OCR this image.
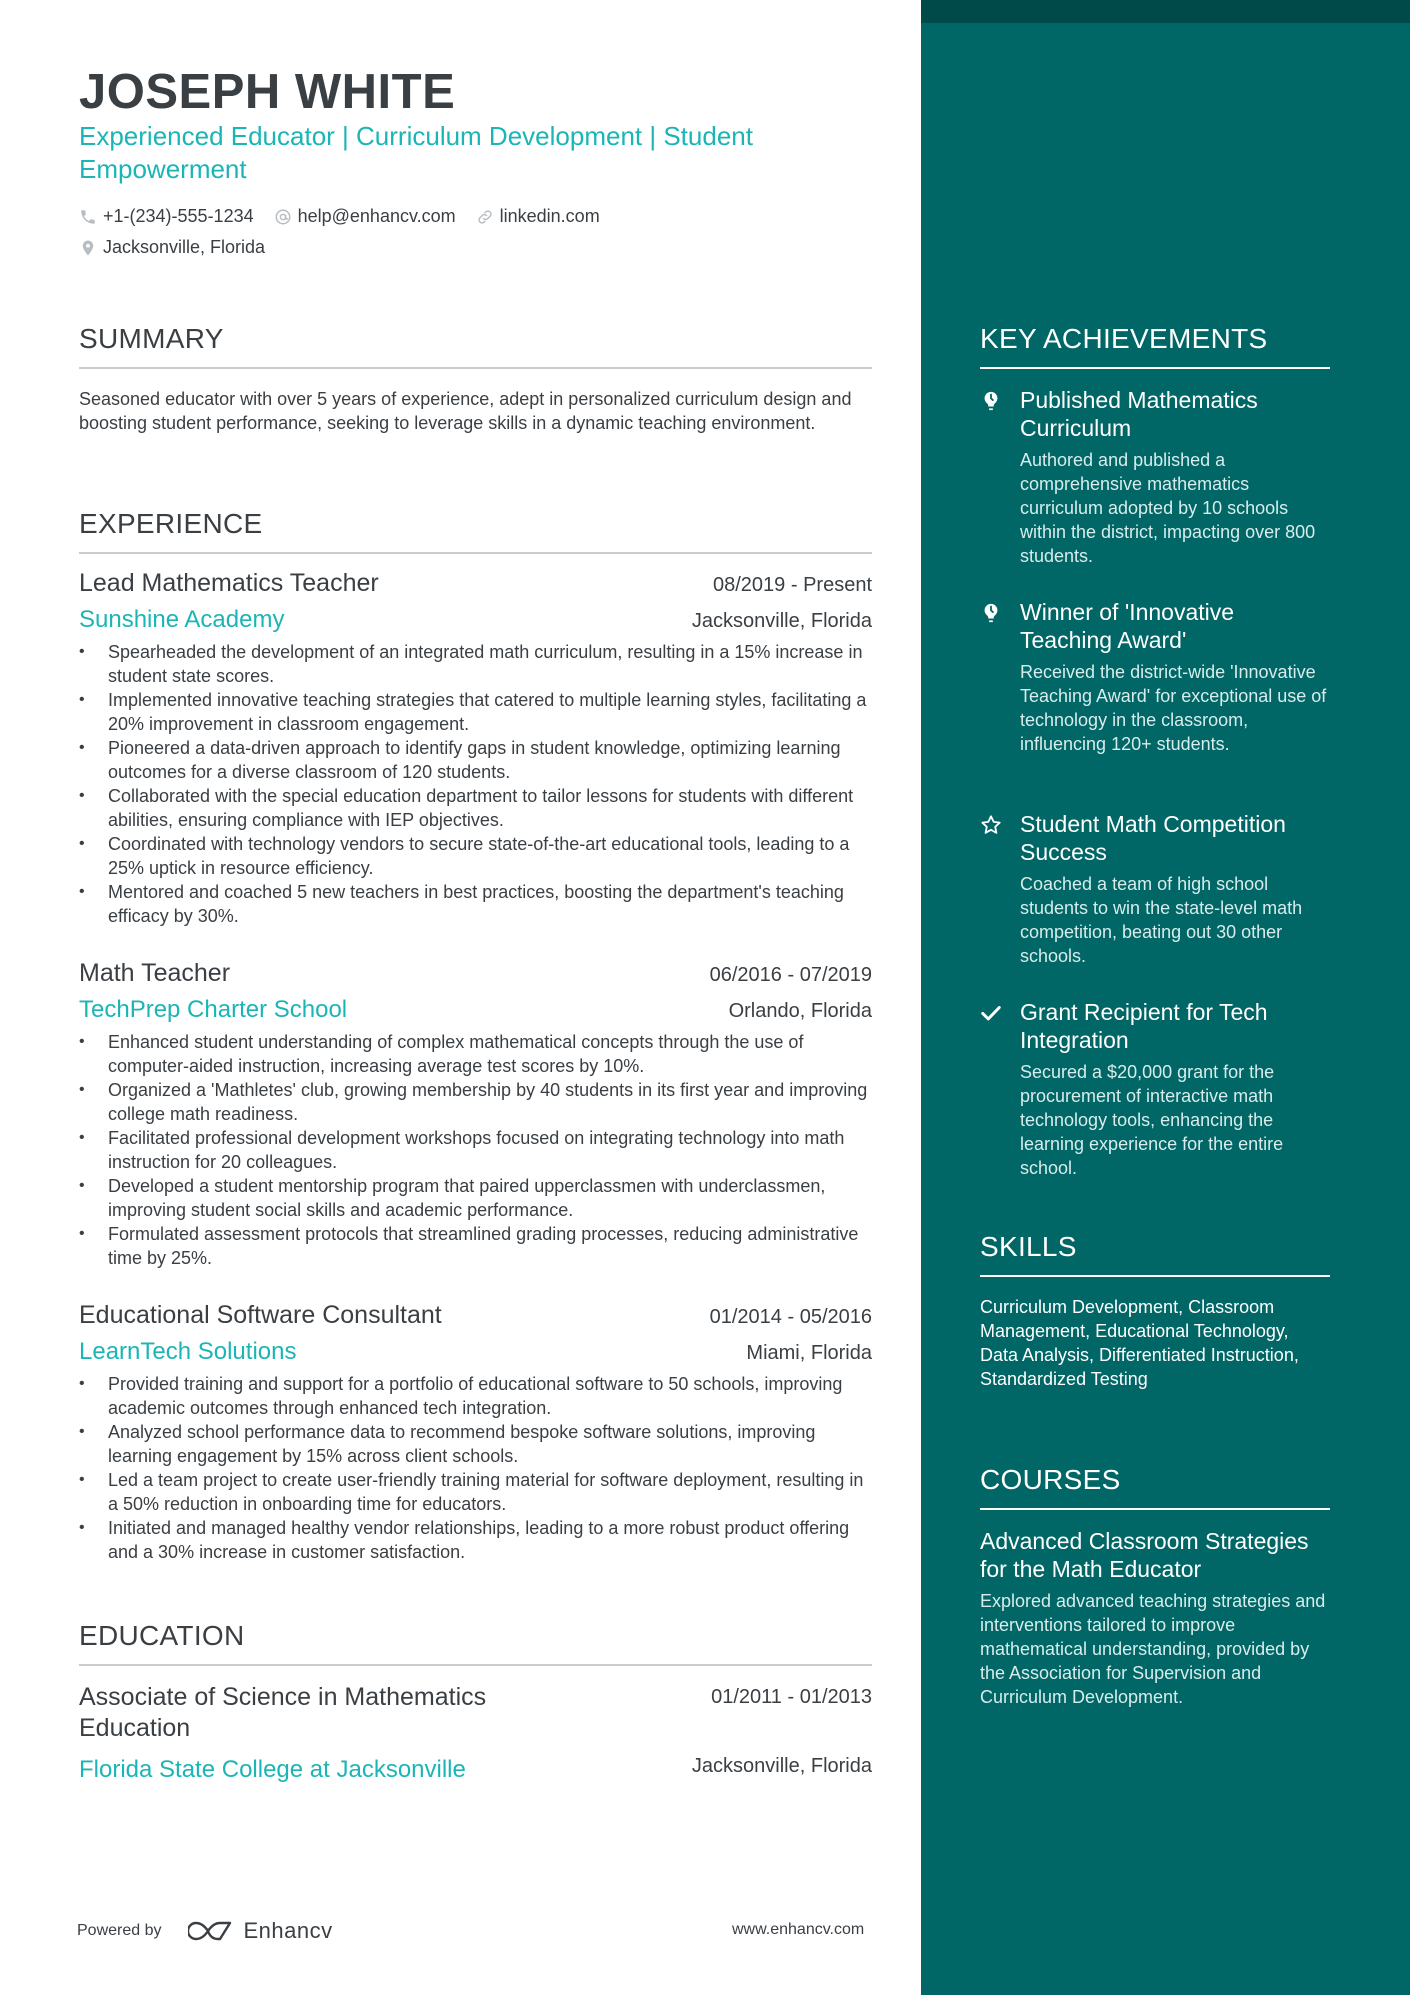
JOSEPH WHITE
Experienced Educator | Curriculum Development | Student Empowerment
+1-(234)-555-1234 help@enhancv.com linkedin.com
Jacksonville, Florida
SUMMARY
Seasoned educator with over 5 years of experience, adept in personalized curriculum design and boosting student performance, seeking to leverage skills in a dynamic teaching environment.
EXPERIENCE
Lead Mathematics Teacher	08/2019 - Present
Sunshine Academy	Jacksonville, Florida
• Spearheaded the development of an integrated math curriculum, resulting in a 15% increase in student state scores.
• Implemented innovative teaching strategies that catered to multiple learning styles, facilitating a 20% improvement in classroom engagement.
• Pioneered a data-driven approach to identify gaps in student knowledge, optimizing learning outcomes for a diverse classroom of 120 students.
• Collaborated with the special education department to tailor lessons for students with different abilities, ensuring compliance with IEP objectives.
• Coordinated with technology vendors to secure state-of-the-art educational tools, leading to a 25% uptick in resource efficiency.
• Mentored and coached 5 new teachers in best practices, boosting the department's teaching efficacy by 30%.
Math Teacher	06/2016 - 07/2019
TechPrep Charter School	Orlando, Florida
• Enhanced student understanding of complex mathematical concepts through the use of computer-aided instruction, increasing average test scores by 10%.
• Organized a 'Mathletes' club, growing membership by 40 students in its first year and improving college math readiness.
• Facilitated professional development workshops focused on integrating technology into math instruction for 20 colleagues.
• Developed a student mentorship program that paired upperclassmen with underclassmen, improving student social skills and academic performance.
• Formulated assessment protocols that streamlined grading processes, reducing administrative time by 25%.
Educational Software Consultant	01/2014 - 05/2016
LearnTech Solutions	Miami, Florida
• Provided training and support for a portfolio of educational software to 50 schools, improving academic outcomes through enhanced tech integration.
• Analyzed school performance data to recommend bespoke software solutions, improving learning engagement by 15% across client schools.
• Led a team project to create user-friendly training material for software deployment, resulting in a 50% reduction in onboarding time for educators.
• Initiated and managed healthy vendor relationships, leading to a more robust product offering and a 30% increase in customer satisfaction.
EDUCATION
Associate of Science in Mathematics Education
01/2011 - 01/2013
Florida State College at Jacksonville	Jacksonville, Florida
Powered by	Enhancv	www.enhancv.com
KEY ACHIEVEMENTS
Published Mathematics Curriculum
Authored and published a comprehensive mathematics curriculum adopted by 10 schools within the district, impacting over 800 students.
Winner of 'Innovative Teaching Award'
Received the district-wide 'Innovative Teaching Award' for exceptional use of technology in the classroom, influencing 120+ students.
Student Math Competition Success
Coached a team of high school students to win the state-level math competition, beating out 30 other schools.
Grant Recipient for Tech Integration
Secured a $20,000 grant for the procurement of interactive math technology tools, enhancing the learning experience for the entire school.
SKILLS
Curriculum Development, Classroom Management, Educational Technology, Data Analysis, Differentiated Instruction, Standardized Testing
COURSES
Advanced Classroom Strategies for the Math Educator
Explored advanced teaching strategies and interventions tailored to improve mathematical understanding, provided by the Association for Supervision and Curriculum Development.
